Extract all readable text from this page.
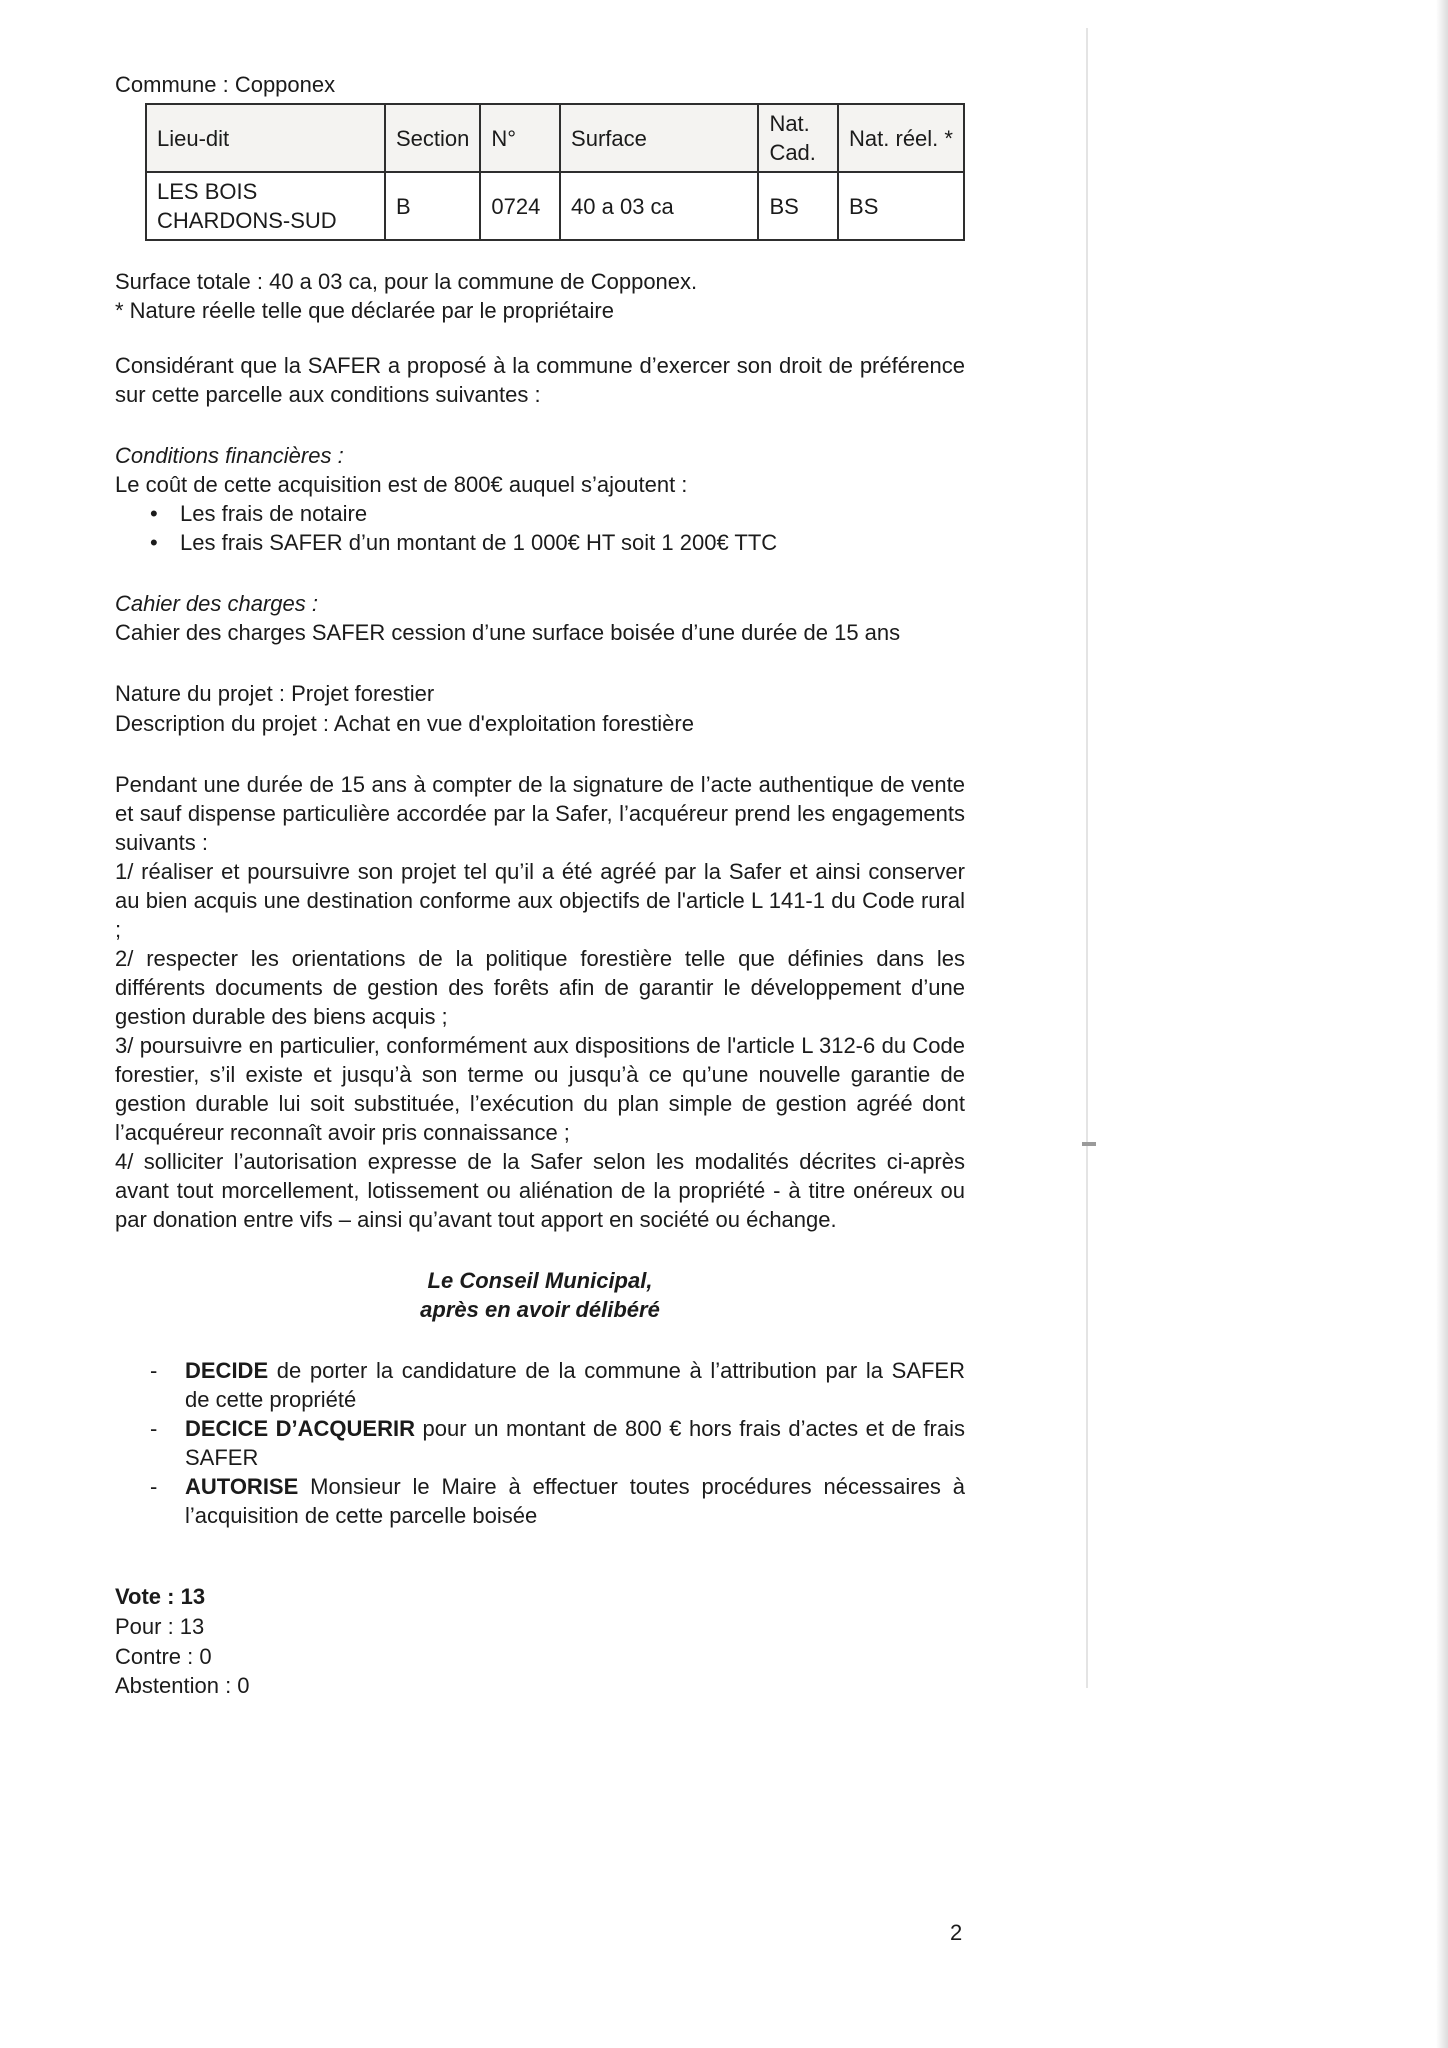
Commune : Copponex
Lieu-dit	Section	N°	Surface	Nat. Cad.	Nat. réel. *
LES BOIS CHARDONS-SUD	B	0724	40 a 03 ca	BS	BS
Surface totale : 40 a 03 ca, pour la commune de Copponex.
* Nature réelle telle que déclarée par le propriétaire

Considérant que la SAFER a proposé à la commune d’exercer son droit de préférence sur cette parcelle aux conditions suivantes :

Conditions financières :
Le coût de cette acquisition est de 800€ auquel s’ajoutent :
•	Les frais de notaire
•	Les frais SAFER d’un montant de 1 000€ HT soit 1 200€ TTC
Cahier des charges :
Cahier des charges SAFER cession d’une surface boisée d’une durée de 15 ans
Nature du projet : Projet forestier
Description du projet : Achat en vue d'exploitation forestière

Pendant une durée de 15 ans à compter de la signature de l’acte authentique de vente et sauf dispense particulière accordée par la Safer, l’acquéreur prend les engagements suivants :

1/ réaliser et poursuivre son projet tel qu’il a été agréé par la Safer et ainsi conserver au bien acquis une destination conforme aux objectifs de l'article L 141-1 du Code rural ;

2/ respecter les orientations de la politique forestière telle que définies dans les différents documents de gestion des forêts afin de garantir le développement d’une gestion durable des biens acquis ;

3/ poursuivre en particulier, conformément aux dispositions de l'article L 312-6 du Code forestier, s’il existe et jusqu’à son terme ou jusqu’à ce qu’une nouvelle garantie de gestion durable lui soit substituée, l’exécution du plan simple de gestion agréé dont l’acquéreur reconnaît avoir pris connaissance ;

4/ solliciter l’autorisation expresse de la Safer selon les modalités décrites ci-après avant tout morcellement, lotissement ou aliénation de la propriété - à titre onéreux ou par donation entre vifs – ainsi qu’avant tout apport en société ou échange.

Le Conseil Municipal,
après en avoir délibéré
-	DECIDE de porter la candidature de la commune à l’attribution par la SAFER de cette propriété
-	DECICE D’ACQUERIR pour un montant de 800 € hors frais d’actes et de frais SAFER
-	AUTORISE Monsieur le Maire à effectuer toutes procédures nécessaires à l’acquisition de cette parcelle boisée
Vote : 13
Pour : 13
Contre : 0
Abstention : 0
2
